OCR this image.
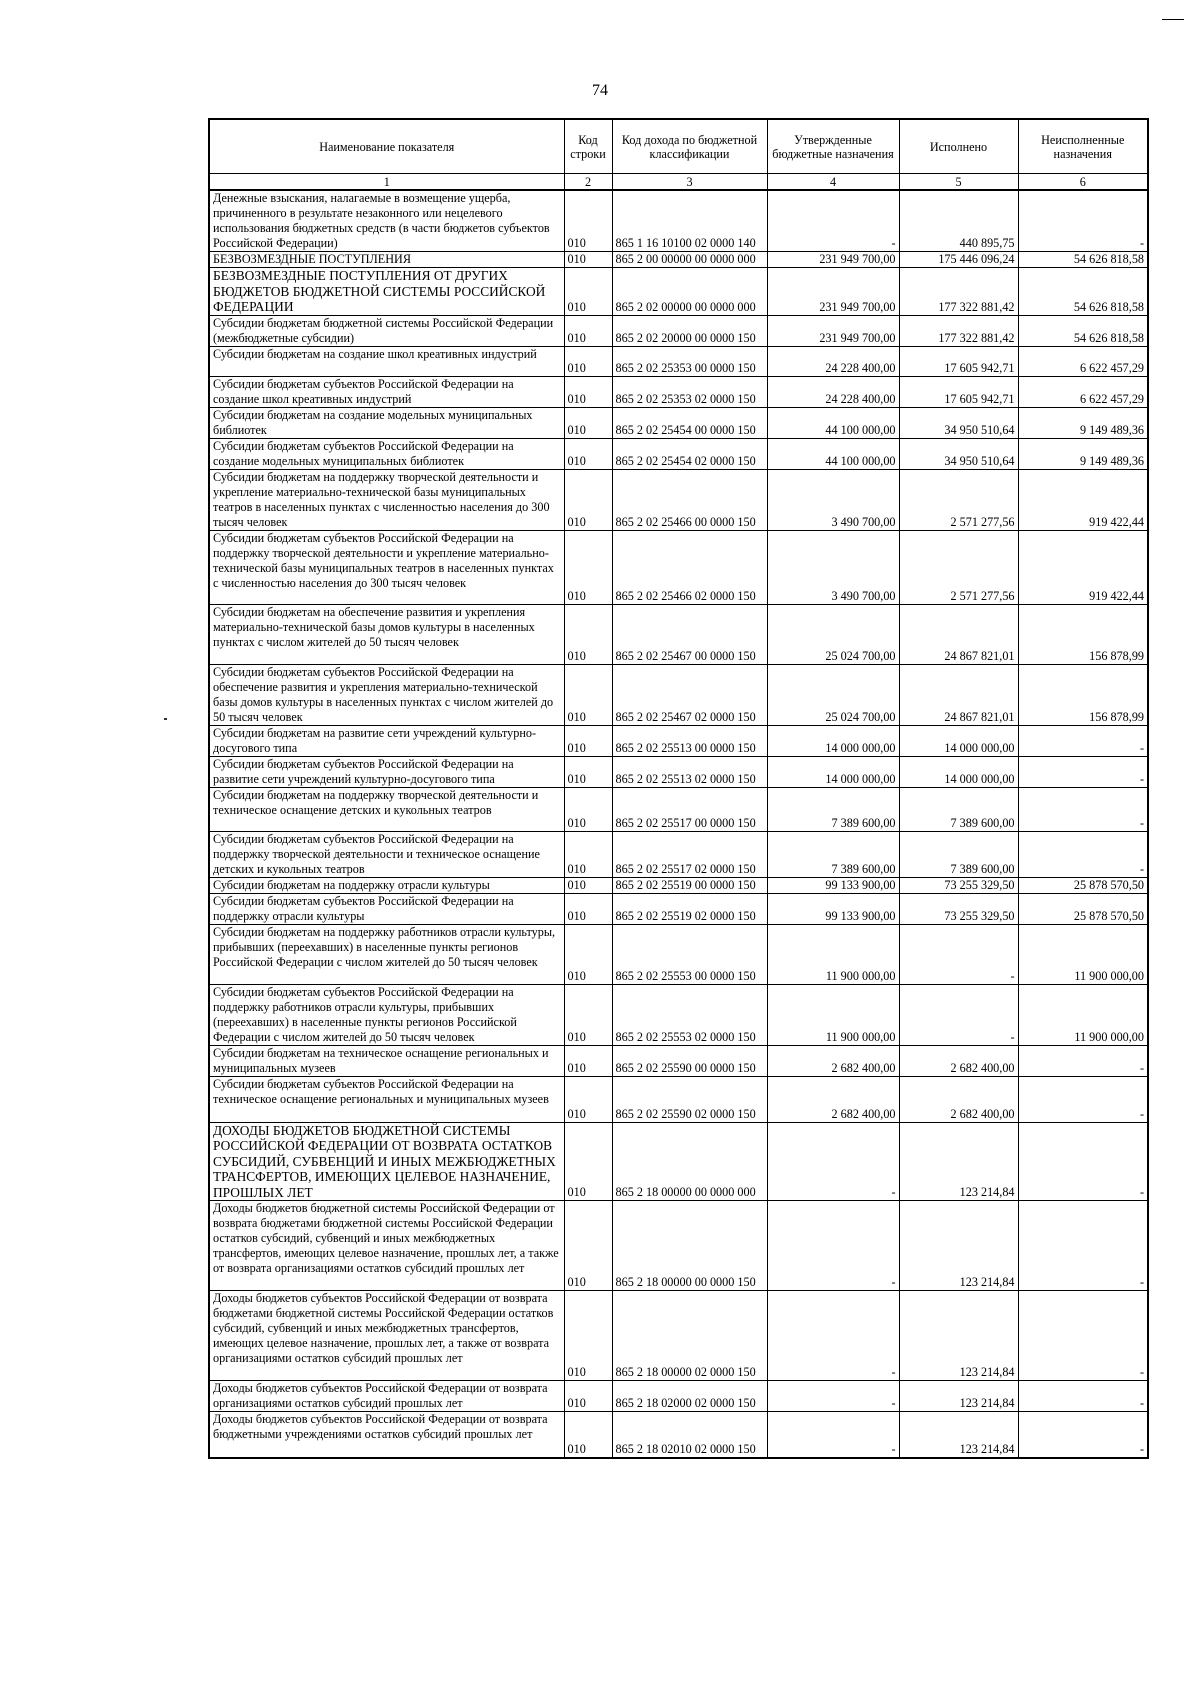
74
Наименование показателя	Код строки	Код дохода по бюджетной классификации	Утвержденные бюджетные назначения	Исполнено	Неисполненные назначения
1	2	3	4	5	6
Денежные взыскания, налагаемые в возмещение ущерба, причиненного в результате незаконного или нецелевого использования бюджетных средств (в части бюджетов субъектов Российской Федерации)	010	865 1 16 10100 02 0000 140	-	440 895,75	-
БЕЗВОЗМЕЗДНЫЕ ПОСТУПЛЕНИЯ	010	865 2 00 00000 00 0000 000	231 949 700,00	175 446 096,24	54 626 818,58
БЕЗВОЗМЕЗДНЫЕ ПОСТУПЛЕНИЯ ОТ ДРУГИХ БЮДЖЕТОВ БЮДЖЕТНОЙ СИСТЕМЫ РОССИЙСКОЙ ФЕДЕРАЦИИ	010	865 2 02 00000 00 0000 000	231 949 700,00	177 322 881,42	54 626 818,58
Субсидии бюджетам бюджетной системы Российской Федерации (межбюджетные субсидии)	010	865 2 02 20000 00 0000 150	231 949 700,00	177 322 881,42	54 626 818,58
Субсидии бюджетам на создание школ креативных индустрий	010	865 2 02 25353 00 0000 150	24 228 400,00	17 605 942,71	6 622 457,29
Субсидии бюджетам субъектов Российской Федерации на создание школ креативных индустрий	010	865 2 02 25353 02 0000 150	24 228 400,00	17 605 942,71	6 622 457,29
Субсидии бюджетам на создание модельных муниципальных библиотек	010	865 2 02 25454 00 0000 150	44 100 000,00	34 950 510,64	9 149 489,36
Субсидии бюджетам субъектов Российской Федерации на создание модельных муниципальных библиотек	010	865 2 02 25454 02 0000 150	44 100 000,00	34 950 510,64	9 149 489,36
Субсидии бюджетам на поддержку творческой деятельности и укрепление материально-технической базы муниципальных театров в населенных пунктах с численностью населения до 300 тысяч человек	010	865 2 02 25466 00 0000 150	3 490 700,00	2 571 277,56	919 422,44
Субсидии бюджетам субъектов Российской Федерации на поддержку творческой деятельности и укрепление материально-технической базы муниципальных театров в населенных пунктах с численностью населения до 300 тысяч человек	010	865 2 02 25466 02 0000 150	3 490 700,00	2 571 277,56	919 422,44
Субсидии бюджетам на обеспечение развития и укрепления материально-технической базы домов культуры в населенных пунктах с числом жителей до 50 тысяч человек	010	865 2 02 25467 00 0000 150	25 024 700,00	24 867 821,01	156 878,99
Субсидии бюджетам субъектов Российской Федерации на обеспечение развития и укрепления материально-технической базы домов культуры в населенных пунктах с числом жителей до 50 тысяч человек	010	865 2 02 25467 02 0000 150	25 024 700,00	24 867 821,01	156 878,99
Субсидии бюджетам на развитие сети учреждений культурно-досугового типа	010	865 2 02 25513 00 0000 150	14 000 000,00	14 000 000,00	-
Субсидии бюджетам субъектов Российской Федерации на развитие сети учреждений культурно-досугового типа	010	865 2 02 25513 02 0000 150	14 000 000,00	14 000 000,00	-
Субсидии бюджетам на поддержку творческой деятельности и техническое оснащение детских и кукольных театров	010	865 2 02 25517 00 0000 150	7 389 600,00	7 389 600,00	-
Субсидии бюджетам субъектов Российской Федерации на поддержку творческой деятельности и техническое оснащение детских и кукольных театров	010	865 2 02 25517 02 0000 150	7 389 600,00	7 389 600,00	-
Субсидии бюджетам на поддержку отрасли культуры	010	865 2 02 25519 00 0000 150	99 133 900,00	73 255 329,50	25 878 570,50
Субсидии бюджетам субъектов Российской Федерации на поддержку отрасли культуры	010	865 2 02 25519 02 0000 150	99 133 900,00	73 255 329,50	25 878 570,50
Субсидии бюджетам на поддержку работников отрасли культуры, прибывших (переехавших) в населенные пункты регионов Российской Федерации с числом жителей до 50 тысяч человек	010	865 2 02 25553 00 0000 150	11 900 000,00	-	11 900 000,00
Субсидии бюджетам субъектов Российской Федерации на поддержку работников отрасли культуры, прибывших (переехавших) в населенные пункты регионов Российской Федерации с числом жителей до 50 тысяч человек	010	865 2 02 25553 02 0000 150	11 900 000,00	-	11 900 000,00
Субсидии бюджетам на техническое оснащение региональных и муниципальных музеев	010	865 2 02 25590 00 0000 150	2 682 400,00	2 682 400,00	-
Субсидии бюджетам субъектов Российской Федерации на техническое оснащение региональных и муниципальных музеев	010	865 2 02 25590 02 0000 150	2 682 400,00	2 682 400,00	-
ДОХОДЫ БЮДЖЕТОВ БЮДЖЕТНОЙ СИСТЕМЫ РОССИЙСКОЙ ФЕДЕРАЦИИ ОТ ВОЗВРАТА ОСТАТКОВ СУБСИДИЙ, СУБВЕНЦИЙ И ИНЫХ МЕЖБЮДЖЕТНЫХ ТРАНСФЕРТОВ, ИМЕЮЩИХ ЦЕЛЕВОЕ НАЗНАЧЕНИЕ, ПРОШЛЫХ ЛЕТ	010	865 2 18 00000 00 0000 000	-	123 214,84	-
Доходы бюджетов бюджетной системы Российской Федерации от возврата бюджетами бюджетной системы Российской Федерации остатков субсидий, субвенций и иных межбюджетных трансфертов, имеющих целевое назначение, прошлых лет, а также от возврата организациями остатков субсидий прошлых лет	010	865 2 18 00000 00 0000 150	-	123 214,84	-
Доходы бюджетов субъектов Российской Федерации от возврата бюджетами бюджетной системы Российской Федерации остатков субсидий, субвенций и иных межбюджетных трансфертов, имеющих целевое назначение, прошлых лет, а также от возврата организациями остатков субсидий прошлых лет	010	865 2 18 00000 02 0000 150	-	123 214,84	-
Доходы бюджетов субъектов Российской Федерации от возврата организациями остатков субсидий прошлых лет	010	865 2 18 02000 02 0000 150	-	123 214,84	-
Доходы бюджетов субъектов Российской Федерации от возврата бюджетными учреждениями остатков субсидий прошлых лет	010	865 2 18 02010 02 0000 150	-	123 214,84	-
